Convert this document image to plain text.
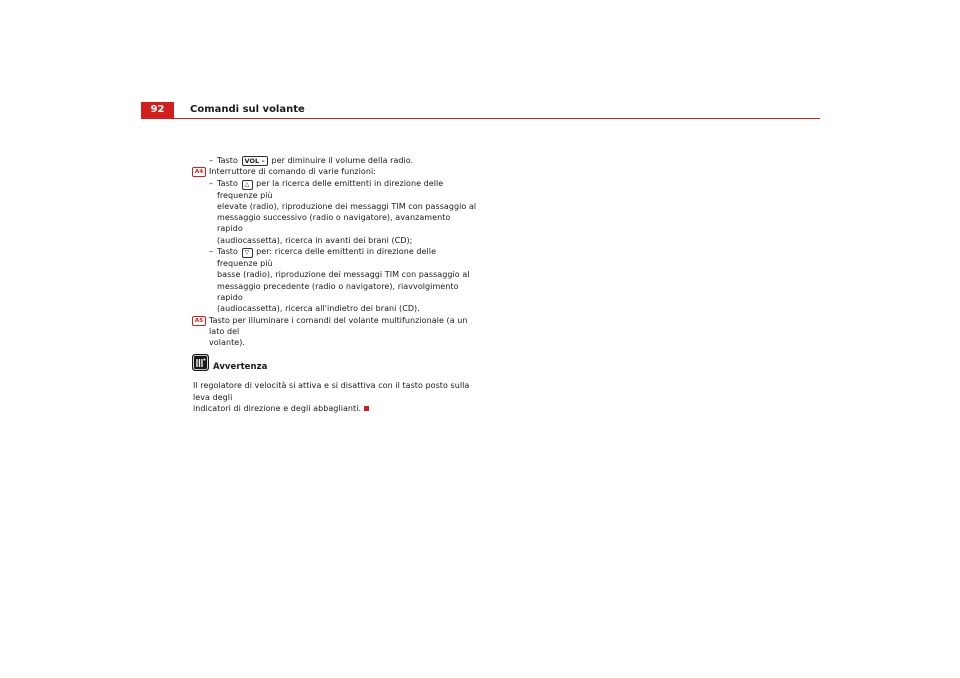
92	Comandi sul volante
– Tasto VOL – per diminuire il volume della radio.
A4 Interruttore di comando di varie funzioni:
– Tasto △ per la ricerca delle emittenti in direzione delle frequenze più
elevate (radio), riproduzione dei messaggi TIM con passaggio al
messaggio successivo (radio o navigatore), avanzamento rapido
(audiocassetta), ricerca in avanti dei brani (CD);
– Tasto ▽ per: ricerca delle emittenti in direzione delle frequenze più
basse (radio), riproduzione dei messaggi TIM con passaggio al
messaggio precedente (radio o navigatore), riavvolgimento rapido
(audiocassetta), ricerca all'indietro dei brani (CD).
A5 Tasto per illuminare i comandi del volante multifunzionale (a un lato del
volante).
Avvertenza
Il regolatore di velocità si attiva e si disattiva con il tasto posto sulla leva degli
indicatori di direzione e degli abbaglianti.
